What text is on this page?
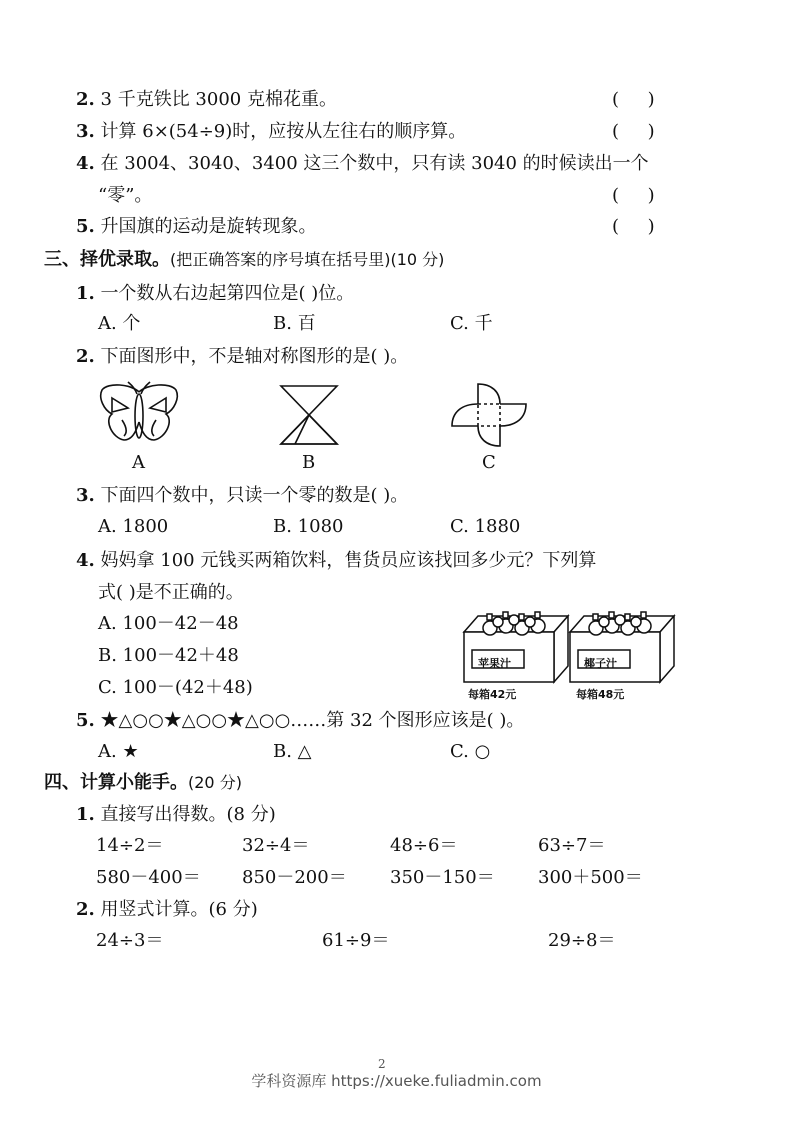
2. 3 千克铁比 3000 克棉花重。	(     )
3. 计算 6×(54÷9)时，应按从左往右的顺序算。	(     )
4. 在 3004、3040、3400 这三个数中，只有读 3040 的时候读出一个
“零”。	(     )
5. 升国旗的运动是旋转现象。	(     )
三、择优录取。(把正确答案的序号填在括号里)(10 分)
1. 一个数从右边起第四位是( )位。
A. 个	B. 百	C. 千
2. 下面图形中，不是轴对称图形的是( )。
A	B	C
3. 下面四个数中，只读一个零的数是( )。
A. 1800	B. 1080	C. 1880
4. 妈妈拿 100 元钱买两箱饮料，售货员应该找回多少元？下列算
式( )是不正确的。
A. 100－42－48
B. 100－42＋48
C. 100－(42＋48)
苹果汁
每箱42元
椰子汁
每箱48元
5. ★△○○★△○○★△○○……第 32 个图形应该是( )。
A. ★	B. △	C. ○
四、计算小能手。(20 分)
1. 直接写出得数。(8 分)
14÷2＝	32÷4＝	48÷6＝	63÷7＝
580－400＝ 850－200＝ 350－150＝ 300＋500＝
2. 用竖式计算。(6 分)
24÷3＝	61÷9＝	29÷8＝
2
学科资源库 https://xueke.fuliadmin.com
